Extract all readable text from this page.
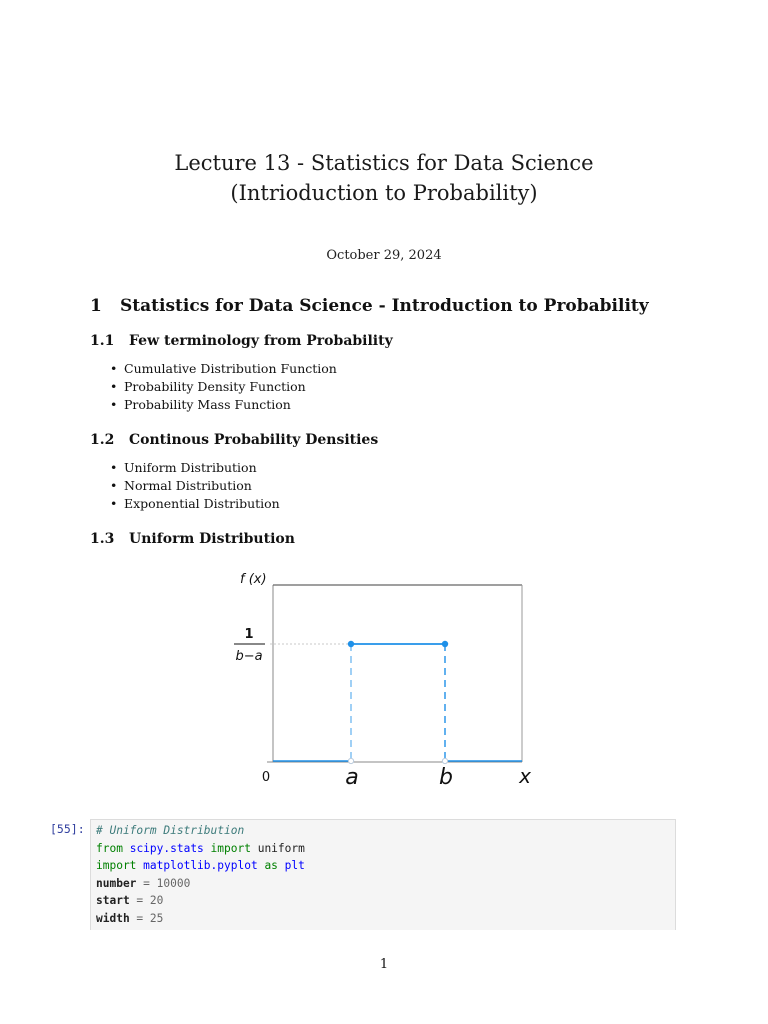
Lecture 13 - Statistics for Data Science (Intrioduction to Probability)
October 29, 2024
1 Statistics for Data Science - Introduction to Probability
1.1 Few terminology from Probability
• Cumulative Distribution Function
• Probability Density Function
• Probability Mass Function
1.2 Continous Probability Densities
• Uniform Distribution
• Normal Distribution
• Exponential Distribution
1.3 Uniform Distribution
f (x)
1
b−a
0	a	b	x
[55]: # Uniform Distribution
from scipy.stats import uniform
import matplotlib.pyplot as plt
number = 10000
start = 20
width = 25
1
